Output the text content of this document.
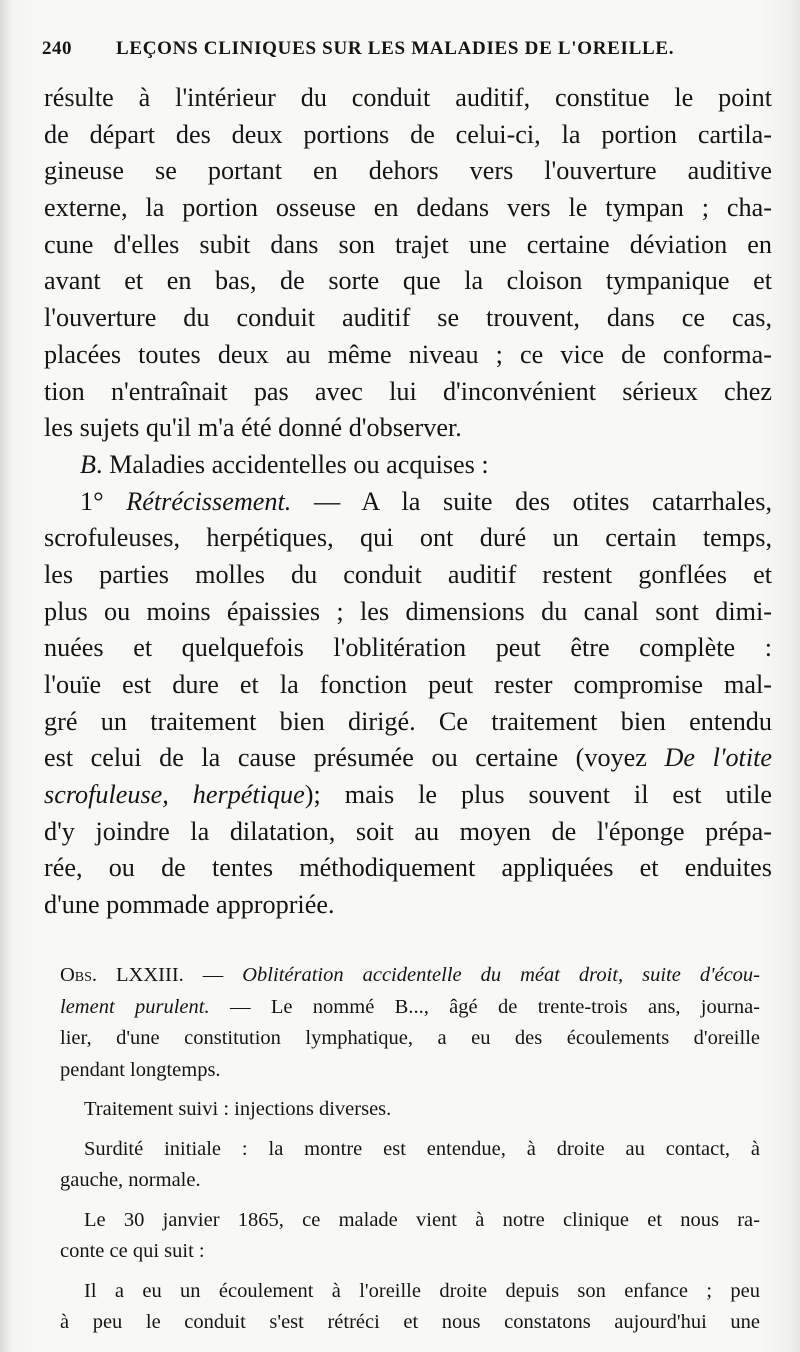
240 LEÇONS CLINIQUES SUR LES MALADIES DE L'OREILLE.
résulte à l'intérieur du conduit auditif, constitue le point
de départ des deux portions de celui-ci, la portion cartila-
gineuse se portant en dehors vers l'ouverture auditive
externe, la portion osseuse en dedans vers le tympan ; cha-
cune d'elles subit dans son trajet une certaine déviation en
avant et en bas, de sorte que la cloison tympanique et
l'ouverture du conduit auditif se trouvent, dans ce cas,
placées toutes deux au même niveau ; ce vice de conforma-
tion n'entraînait pas avec lui d'inconvénient sérieux chez
les sujets qu'il m'a été donné d'observer.
B. Maladies accidentelles ou acquises :
1° Rétrécissement. — A la suite des otites catarrhales,
scrofuleuses, herpétiques, qui ont duré un certain temps,
les parties molles du conduit auditif restent gonflées et
plus ou moins épaissies ; les dimensions du canal sont dimi-
nuées et quelquefois l'oblitération peut être complète :
l'ouïe est dure et la fonction peut rester compromise mal-
gré un traitement bien dirigé. Ce traitement bien entendu
est celui de la cause présumée ou certaine (voyez De l'otite
scrofuleuse, herpétique); mais le plus souvent il est utile
d'y joindre la dilatation, soit au moyen de l'éponge prépa-
rée, ou de tentes méthodiquement appliquées et enduites
d'une pommade appropriée.
Obs. LXXIII. — Oblitération accidentelle du méat droit, suite d'écou-
lement purulent. — Le nommé B..., âgé de trente-trois ans, journa-
lier, d'une constitution lymphatique, a eu des écoulements d'oreille
pendant longtemps.
Traitement suivi : injections diverses.
Surdité initiale : la montre est entendue, à droite au contact, à
gauche, normale.
Le 30 janvier 1865, ce malade vient à notre clinique et nous ra-
conte ce qui suit :
Il a eu un écoulement à l'oreille droite depuis son enfance ; peu
à peu le conduit s'est rétréci et nous constatons aujourd'hui une
